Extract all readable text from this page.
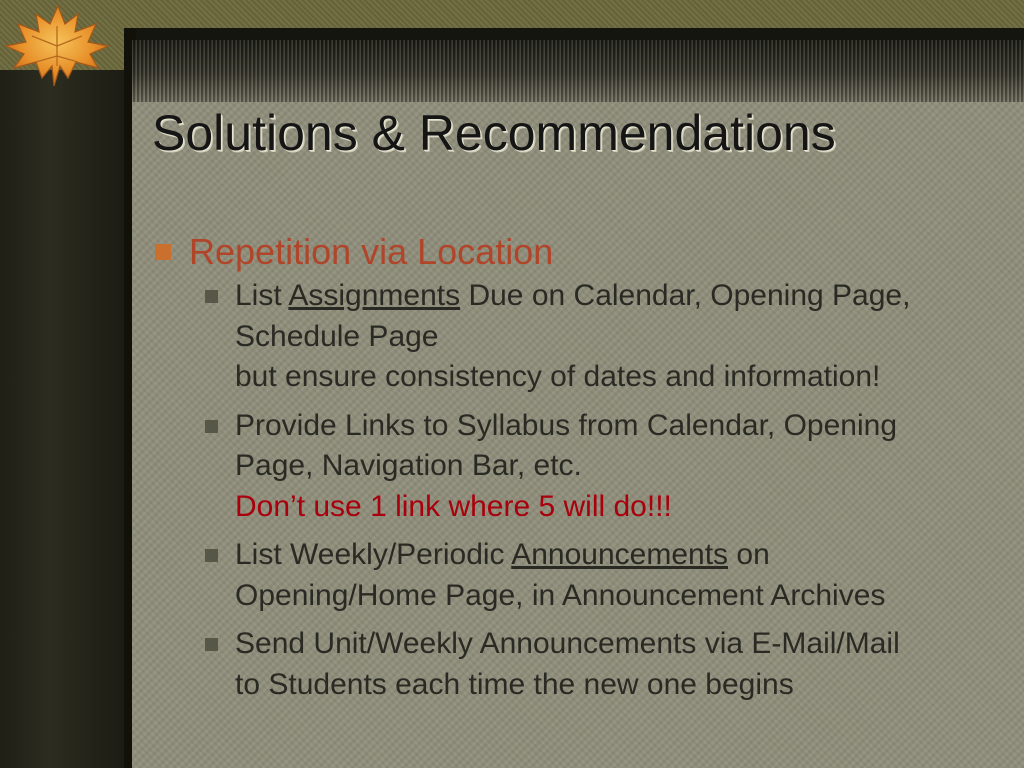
Solutions & Recommendations
Repetition via Location
List Assignments Due on Calendar, Opening Page,
Schedule Page
but ensure consistency of dates and information!
Provide Links to Syllabus from Calendar, Opening
Page, Navigation Bar, etc.
Don’t use 1 link where 5 will do!!!
List Weekly/Periodic Announcements on
Opening/Home Page, in Announcement Archives
Send Unit/Weekly Announcements via E-Mail/Mail
to Students each time the new one begins
